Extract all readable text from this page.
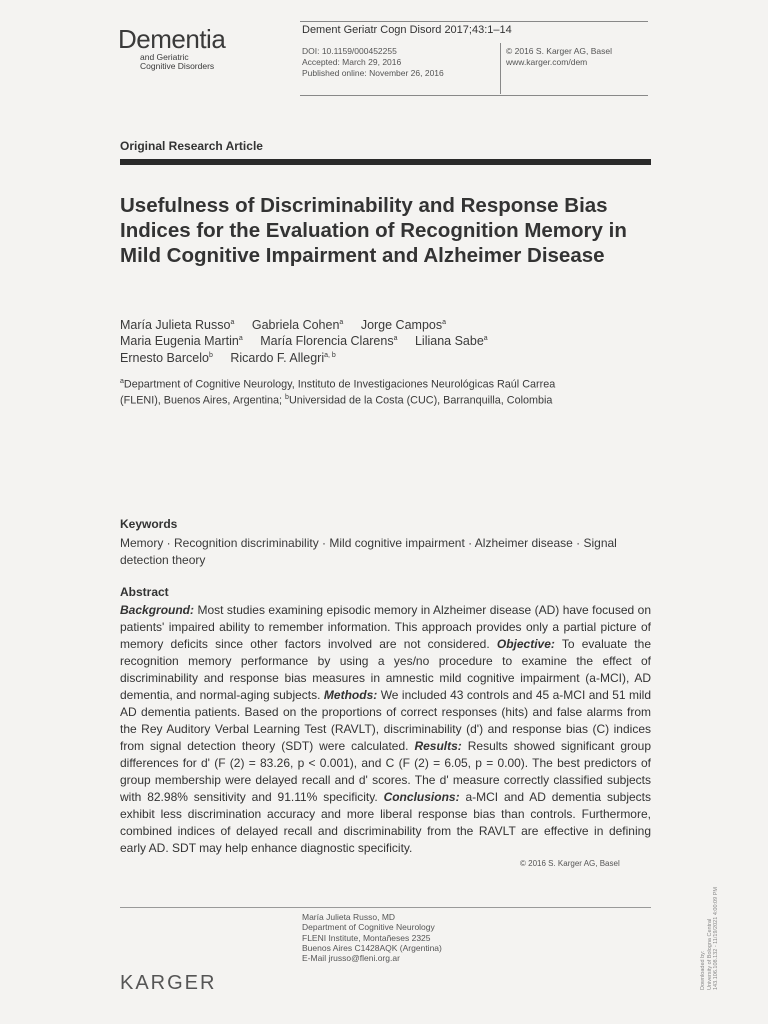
Dementia
and Geriatric
Cognitive Disorders
Dement Geriatr Cogn Disord 2017;43:1–14
DOI: 10.1159/000452255
Accepted: March 29, 2016
Published online: November 26, 2016
© 2016 S. Karger AG, Basel
www.karger.com/dem
Original Research Article
Usefulness of Discriminability and Response Bias Indices for the Evaluation of Recognition Memory in Mild Cognitive Impairment and Alzheimer Disease
María Julieta Russo$^a$ Gabriela Cohen$^a$ Jorge Campos$^a$
Maria Eugenia Martin$^a$ María Florencia Clarens$^a$ Liliana Sabe$^a$
Ernesto Barcelo$^b$ Ricardo F. Allegri$^{a, b}$
$^a$Department of Cognitive Neurology, Instituto de Investigaciones Neurológicas Raúl Carrea
(FLENI), Buenos Aires, Argentina; $^b$Universidad de la Costa (CUC), Barranquilla, Colombia
Keywords
Memory · Recognition discriminability · Mild cognitive impairment · Alzheimer disease · Signal detection theory
Abstract
Background: Most studies examining episodic memory in Alzheimer disease (AD) have focused on patients' impaired ability to remember information. This approach provides only a partial picture of memory deficits since other factors involved are not considered. Objective: To evaluate the recognition memory performance by using a yes/no procedure to examine the effect of discriminability and response bias measures in amnestic mild cognitive impairment (a-MCI), AD dementia, and normal-aging subjects. Methods: We included 43 controls and 45 a-MCI and 51 mild AD dementia patients. Based on the proportions of correct responses (hits) and false alarms from the Rey Auditory Verbal Learning Test (RAVLT), discriminability (d') and response bias (C) indices from signal detection theory (SDT) were calculated. Results: Results showed significant group differences for d' (F (2) = 83.26, p < 0.001), and C (F (2) = 6.05, p = 0.00). The best predictors of group membership were delayed recall and d' scores. The d' measure correctly classified subjects with 82.98% sensitivity and 91.11% specificity. Conclusions: a-MCI and AD dementia subjects exhibit less discrimination accuracy and more liberal response bias than controls. Furthermore, combined indices of delayed recall and discriminability from the RAVLT are effective in defining early AD. SDT may help enhance diagnostic specificity.
© 2016 S. Karger AG, Basel
María Julieta Russo, MD
Department of Cognitive Neurology
FLENI Institute, Montañeses 2325
Buenos Aires C1428AQK (Argentina)
E-Mail jrusso@fleni.org.ar
KARGER	Downloaded by: University of Bologna Central 143.106.108.132 - 11/19/2021 4:00:09 PM
